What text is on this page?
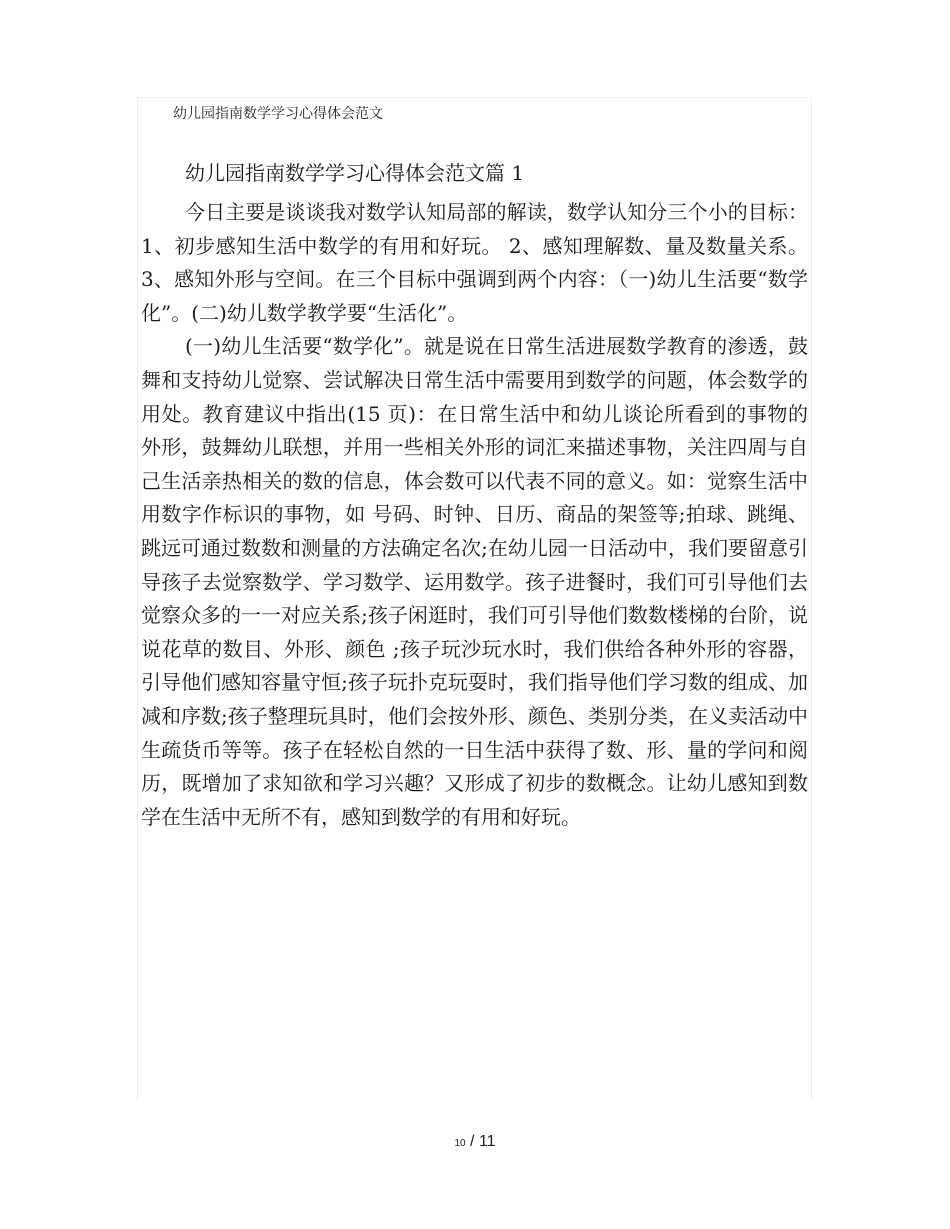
幼儿园指南数学学习心得体会范文
幼儿园指南数学学习心得体会范文篇 1

今日主要是谈谈我对数学认知局部的解读，数学认知分三个小的目标：1、初步感知生活中数学的有用和好玩。 2、感知理解数、量及数量关系。3、感知外形与空间。在三个目标中强调到两个内容：（一)幼儿生活要“数学化”。(二)幼儿数学教学要“生活化”。

(一)幼儿生活要“数学化”。就是说在日常生活进展数学教育的渗透，鼓舞和支持幼儿觉察、尝试解决日常生活中需要用到数学的问题，体会数学的用处。教育建议中指出(15 页)：在日常生活中和幼儿谈论所看到的事物的外形，鼓舞幼儿联想，并用一些相关外形的词汇来描述事物，关注四周与自己生活亲热相关的数的信息，体会数可以代表不同的意义。如：觉察生活中用数字作标识的事物，如 号码、时钟、日历、商品的架签等;拍球、跳绳、跳远可通过数数和测量的方法确定名次;在幼儿园一日活动中，我们要留意引导孩子去觉察数学、学习数学、运用数学。孩子进餐时，我们可引导他们去觉察众多的一一对应关系;孩子闲逛时，我们可引导他们数数楼梯的台阶，说说花草的数目、外形、颜色 ;孩子玩沙玩水时，我们供给各种外形的容器，引导他们感知容量守恒;孩子玩扑克玩耍时，我们指导他们学习数的组成、加减和序数;孩子整理玩具时，他们会按外形、颜色、类别分类，在义卖活动中生疏货币等等。孩子在轻松自然的一日生活中获得了数、形、量的学问和阅历，既增加了求知欲和学习兴趣？又形成了初步的数概念。让幼儿感知到数学在生活中无所不有，感知到数学的有用和好玩。

10 / 11
